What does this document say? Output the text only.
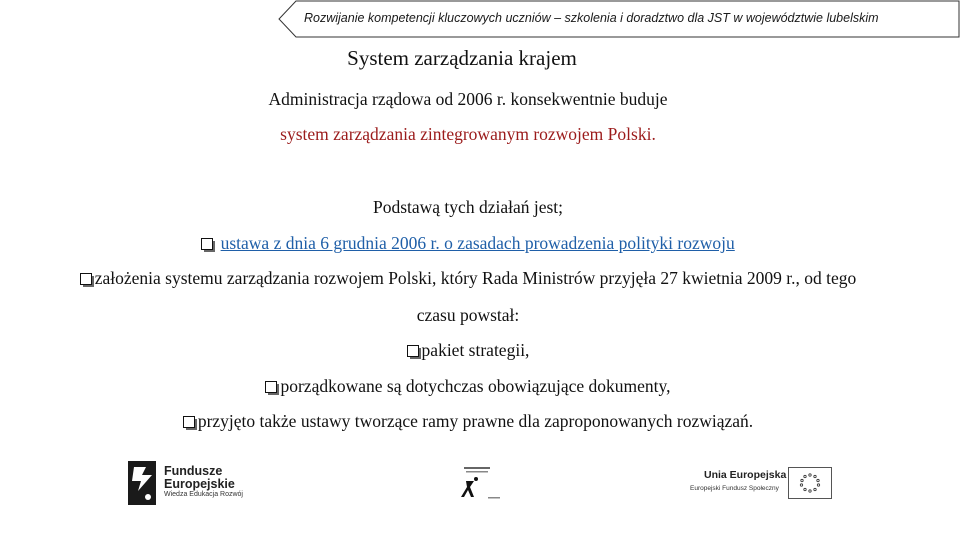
Rozwijanie kompetencji kluczowych uczniów – szkolenia i doradztwo dla JST w województwie lubelskim
System zarządzania krajem
Administracja rządowa od 2006 r. konsekwentnie buduje
system zarządzania zintegrowanym rozwojem Polski.
Podstawą tych działań jest;
ustawa z dnia 6 grudnia 2006 r. o zasadach prowadzenia polityki rozwoju
założenia systemu zarządzania rozwojem Polski, który Rada Ministrów przyjęła 27 kwietnia 2009 r., od tego
czasu powstał:
pakiet strategii,
porządkowane są dotychczas obowiązujące dokumenty,
przyjęto także ustawy tworzące ramy prawne dla zaproponowanych rozwiązań.
Fundusze
Europejskie
Wiedza Edukacja Rozwój
Unia Europejska
Europejski Fundusz Społeczny
